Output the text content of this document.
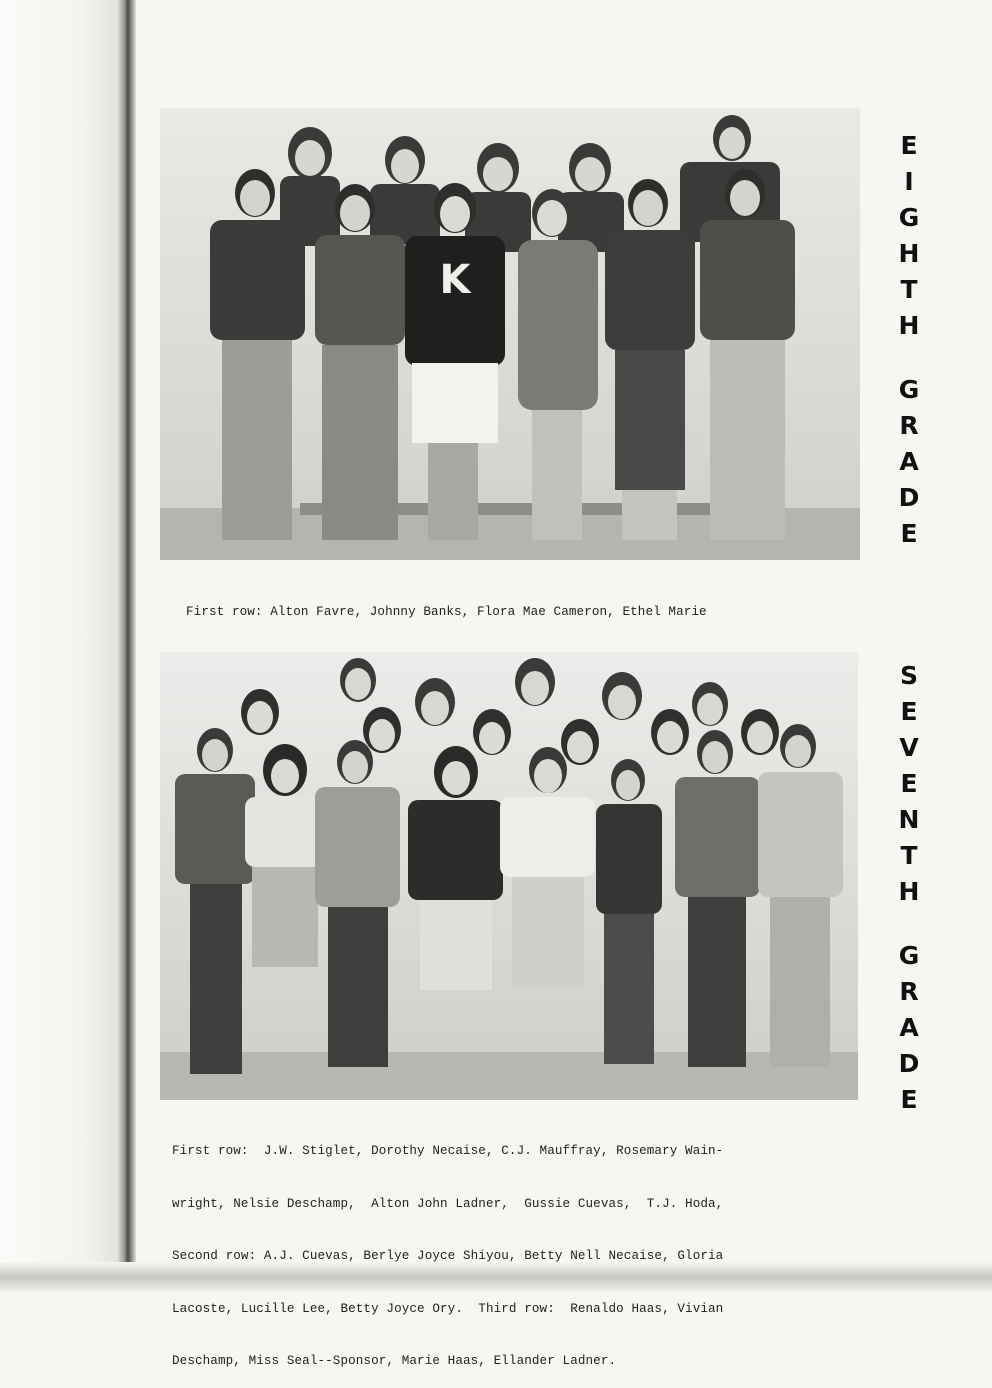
K

First row: Alton Favre, Johnny Banks, Flora Mae Cameron, Ethel Marie

First row:  J.W. Stiglet, Dorothy Necaise, C.J. Mauffray, Rosemary Wain-

wright, Nelsie Deschamp,  Alton John Ladner,  Gussie Cuevas,  T.J. Hoda,

Second row: A.J. Cuevas, Berlye Joyce Shiyou, Betty Nell Necaise, Gloria

Lacoste, Lucille Lee, Betty Joyce Ory.  Third row:  Renaldo Haas, Vivian

Deschamp, Miss Seal--Sponsor, Marie Haas, Ellander Ladner.

E
I
G
H
T
H
G
R
A
D
E
S
E
V
E
N
T
H
G
R
A
D
E
